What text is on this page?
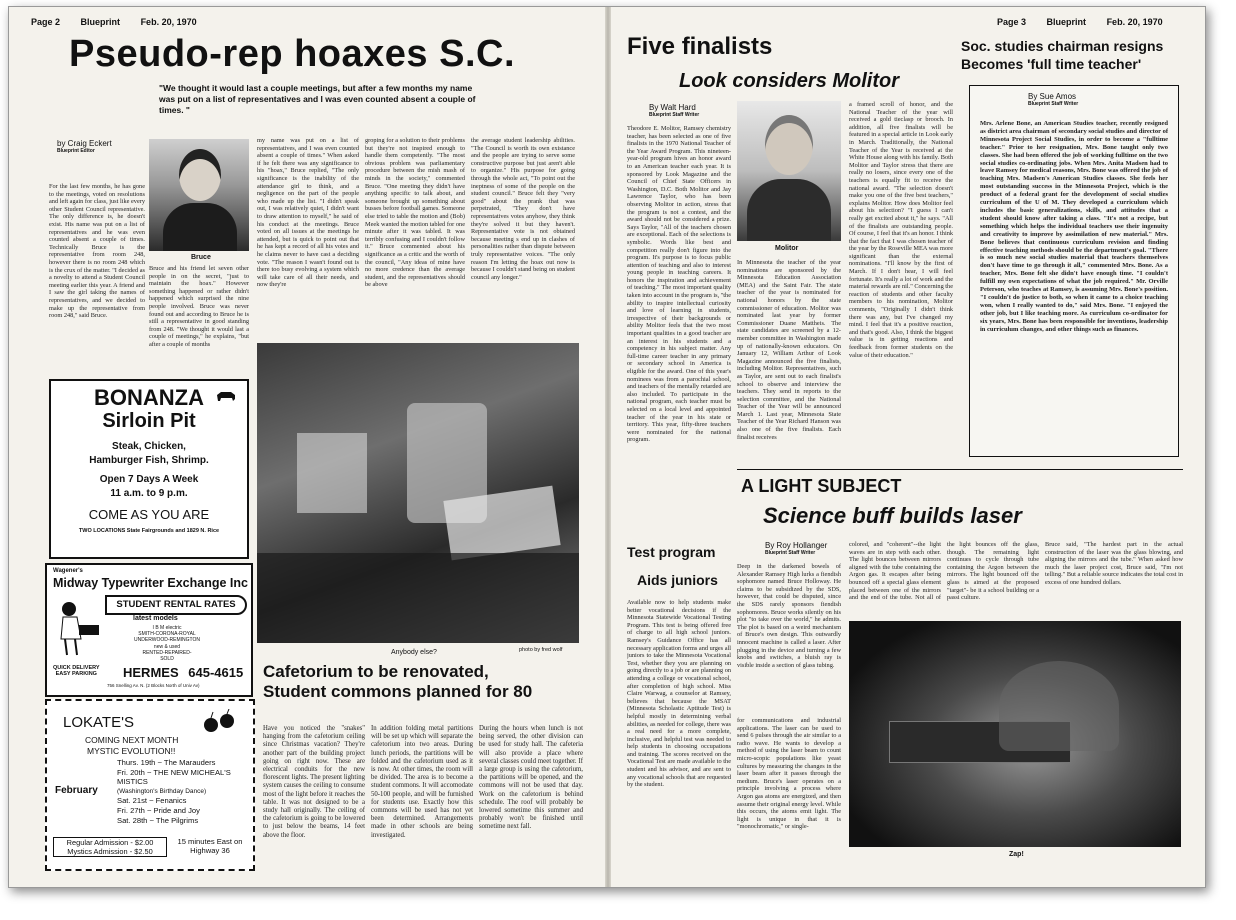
Page 2 Blueprint Feb. 20, 1970
Pseudo-rep hoaxes S.C.
"We thought it would last a couple meetings, but after a few months my name was put on a list of representatives and I was even counted absent a couple of times. "
by Craig Eckert
Blueprint Editor
Bruce
For the last few months, he has gone to the meetings, voted on resolutions and left again for class, just like every other Student Council representative. The only difference is, he doesn't exist. His name was put on a list of representatives and he was even counted absent a couple of times. Technically Bruce is the representative from room 248, however there is no room 248 which is the crux of the matter. "I decided as a novelty to attend a Student Council meeting earlier this year. A friend and I saw the girl taking the names of representatives, and we decided to make up the representative from room 248," said Bruce.
Bruce and his friend let seven other people in on the secret, "just to maintain the hoax." However something happened or rather didn't happened which surprised the nine people involved. Bruce was never found out and according to Bruce he is still a representative in good standing from 248. "We thought it would last a couple of meetings," he explains, "but after a couple of months
my name was put on a list of representatives, and I was even counted absent a couple of times." When asked if he felt there was any significance to his "hoax," Bruce replied, "The only significance is the inability of the attendance girl to think, and a negligence on the part of the people who made up the list. "I didn't speak out, I was relatively quiet, I didn't want to draw attention to myself," he said of his conduct at the meetings. Bruce voted on all issues at the meetings he attended, but is quick to point out that he has kept a record of all his votes and he claims never to have cast a deciding vote. "The reason I wasn't found out is there too busy evolving a system which will take care of all their needs, and now they're
groping for a solution to their problems but they're not inspired enough to handle them competently. "The most obvious problem was parliamentary procedure between the mish mash of minds in the society," commented Bruce. "One meeting they didn't have anything specific to talk about, and someone brought up something about busses before football games. Someone else tried to table the motion and (Bob) Meek wanted the motion tabled for one minute after it was tabled. It was terribly confusing and I couldn't follow it." Bruce commented about his significance as a critic and the worth of the council, "Any ideas of mine have no more credence than the average student, and the representatives should be above
the average student leadership abilities. "The Council is worth its own existance and the people are trying to serve some constructive purpose but just aren't able to organize." His purpose for going through the whole act, "To point out the ineptness of some of the people on the student council." Bruce felt they "very good" about the prank that was perpetrated, "They don't have representatives votes anyhow, they think they're solved it but they haven't. Representative vote is not obtained because meeting s end up in clashes of personalities rather than dispute between truly representative voices. "The only reason I'm letting the hoax out now is because I couldn't stand being on student council any longer."
Anybody else?	photo by fred wolf
BONANZA
Sirloin Pit
Steak, Chicken,
Hamburger Fish, Shrimp.
Open 7 Days A Week
11 a.m. to 9 p.m.
COME AS YOU ARE
TWO LOCATIONS State Fairgrounds and 1829 N. Rice
Wagener's
Midway Typewriter Exchange Inc
STUDENT RENTAL RATES
latest models
I B M electric
SMITH-CORONA-ROYAL
UNDERWOOD-REMINGTON
new & used
RENTED-REPAIRED-
SOLD
QUICK DELIVERY
EASY PARKING HERMES 645-4615
756 Snelling Av. N. (2 Blocks North of Univ Av)
LOKATE'S
COMING NEXT MONTH
MYSTIC EVOLUTION!!
February
Thurs. 19th ~ The Marauders
Fri. 20th ~ THE NEW MICHEAL'S MISTICS
(Washington's Birthday Dance)
Sat. 21st ~ Fenanics
Fri. 27th ~ Pride and Joy
Sat. 28th ~ The Pilgrims
Regular Admission - $2.00
Mystics Admission - $2.50
15 minutes East on Highway 36
Cafetorium to be renovated,
Student commons planned for 80
Have you noticed the "snakes" hanging from the cafetorium ceiling since Christmas vacation? They're another part of the building project going on right now. These are electrical conduits for the new florescent lights. The present lighting system causes the ceiling to consume most of the light before it reaches the table. It was not designed to be a study hall originally. The ceiling of the cafetorium is going to be lowered to just below the beams, 14 feet above the floor.
In addition folding metal partitions will be set up which will separate the cafetorium into two areas. During lunch periods, the partitions will be folded and the cafetorium used as it is now. At other times, the room will be divided. The area is to become a student commons. It will accomodate 50-100 people, and will be furnished for students use. Exactly how this commons will be used has not yet been determined. Arrangements made in other schools are being investigated.
During the hours when lunch is not being served, the other division can be used for study hall. The cafeteria will also provide a place where several classes could meet together. If a large group is using the cafetorium, the partitions will be opened, and the commons will not be used that day. Work on the cafetorium is behind schedule. The roof will probably be lowered sometime this summer and probably won't be finished until sometime next fall.
Page 3 Blueprint Feb. 20, 1970
Five finalists
Look considers Molitor
By Walt Hard
Blueprint Staff Writer
Theodore E. Molitor, Ramsey chemistry teacher, has been selected as one of five finalists in the 1970 National Teacher of the Year Award Program. This nineteen-year-old program hives an honor award to an American teacher each year. It is sponsored by Look Magazine and the Council of Chief State Officers in Washington, D.C. Both Molitor and Jay Lawrence Taylor, who has been observing Molitor in action, stress that the program is not a contest, and the award should not be considered a prize. Says Taylor, "All of the teachers chosen are exceptional. Each of the selections is symbolic. Words like best and competition really don't figure into the program. It's purpose is to focus public attention of teaching and also to interest young people in teaching careers. It honors the inspiration and achievement of teaching." The most important quality taken into account in the program is, "the ability to inspire intellectual curiosity and love of learning in students, irrespective of their backgrounds or ability Molitor feels that the two most important qualities in a good teacher are an interest in his students and a competency in his subject matter. Any full-time career teacher in any primary or secondary school in America is eligible for the award. One of this year's nominees was from a parochial school, and teachers of the mentally retarded are also included. To participate in the national program, each teacher must be selected on a local level and appointed teacher of the year in his state or territory. This year, fifty-three teachers were nominated for the national program.
Molitor
In Minnesota the teacher of the year nominations are sponsored by the Minnesota Education Association (MEA) and the Saint Fair. The state teacher of the year is nominated for national honors by the state commissioner of education. Molitor was nominated last year by former Commissioner Duane Mattheis. The state candidates are screened by a 12-member committee in Washington made up of nationally-known educators. On January 12, William Arthur of Look Magazine announced the five finalists, including Molitor. Representatives, such as Taylor, are sent out to each finalist's school to observe and interview the teachers. They send in reports to the selection committee, and the National Teacher of the Year will be announced March 1. Last year, Minnesota State Teacher of the Year Richard Hanson was also one of the five finalists. Each finalist receives
a framed scroll of honor, and the National Teacher of the year will received a gold tieclasp or brooch. In addition, all five finalists will be featured in a special article in Look early in March. Traditionally, the National Teacher of the Year is received at the White House along with his family. Both Molitor and Taylor stress that there are really no losers, since every one of the teachers is equally fit to receive the national award. "The selection doesn't make you one of the five best teachers," explains Molitor. How does Molitor feel about his selection? "I guess I can't really get excited about it," he says. "All of the finalists are outstanding people. Of course, I feel that it's an honor. I think that the fact that I was chosen teacher of the year by the Roseville MEA was more significant than the external nominations. "I'll know by the first of March. If I don't hear, I will feel fortunate. It's really a lot of work and the material rewards are nil." Concerning the reaction of students and other faculty members to his nomination, Molitor comments, "Originally I didn't think there was any, but I've changed my mind. I feel that it's a positive reaction, and that's good. Also, I think the biggest value is in getting reactions and feedback from former students on the value of their education."
Soc. studies chairman resigns
Becomes 'full time teacher'
By Sue Amos
Blueprint Staff Writer
Mrs. Arlene Bone, an American Studies teacher, recently resigned as district area chairman of secondary social studies and director of Minnesota Project Social Studies, in order to become a "fulltime teacher." Prior to her resignation, Mrs. Bone taught only two classes. She had been offered the job of working fulltime on the two social studies co-ordinating jobs. When Mrs. Anita Madsen had to leave Ramsey for medical reasons, Mrs. Bone was offered the job of teaching Mrs. Madsen's American Studies classes. She feels her most outstanding success in the Minnesota Project, which is the product of a federal grant for the development of social studies curriculum of the U of M. They developed a curriculum which includes the basic generalizations, skills, and attitudes that a student should know after taking a class. "It's not a recipe, but something which helps the individual teachers use their ingenuity and creativity to improve by assimilation of new material." Mrs. Bone believes that continuous curriculum revision and finding effective teaching methods should be the department's goal. "There is so much new social studies material that teachers themselves don't have time to go through it all," commented Mrs. Bone. As a teacher, Mrs. Bone felt she didn't have enough time. "I couldn't fulfill my own expectations of what the job required." Mr. Orville Peterson, who teaches at Ramsey, is assuming Mrs. Bone's position. "I couldn't do justice to both, so when it came to a choice teaching won, when I really wanted to do," said Mrs. Bone. "I enjoyed the other job, but I like teaching more. As curriculum co-ordinator for six years, Mrs. Bone has been responsible for inventions, leadership in curriculum changes, and other things such as finances.
A LIGHT SUBJECT
Science buff builds laser
Test program
Aids juniors
Available now to help students make better vocational decisions if the Minnesota Statewide Vocational Testing Program. This test is being offered free of charge to all high school juniors. Ramsey's Guidance Office has all necessary application forms and urges all juniors to take the Minnesota Vocational Test, whether they you are planning on going directly to a job or are planning on attending a college or vocational school, after completion of high school. Miss Claire Warwag, a counselor at Ramsey, believes that because the MSAT (Minnesota Scholastic Aptitude Test) is helpful mostly in determining verbal abilities, as needed for college, there was a real need for a more complete, inclusive, and helpful test was needed to help students in choosing occupations and training. The scores received on the Vocational Test are made available to the student and his advisor, and are sent to any vocational schools that are requested by the student.
By Roy Hollanger
Blueprint Staff Writer
Deep in the darkened bowels of Alexander Ramsey High lurks a fiendish sophomore named Bruce Holloway. He claims to be subsidized by the SDS, however, that could be disputed, since the SDS rarely sponsors fiendish sophomores. Bruce works silently on his plot "to take over the world," he admits. The plot is based on a weird mechanism of Bruce's own design. This outwardly innocent machine is called a laser. After plugging in the device and turning a few knobs and switches, a bluish ray is visible inside a section of glass tubing.
for communications and industrial applications. The laser can be used to send 6 pulses through the air similar to a radio wave. He wants to develop a method of using the laser beam to count micro-scopic populations like yeast cultures by measuring the changes in the laser beam after it passes through the medium. Bruce's laser operates on a principle involving a process where Argon gas atoms are energized, and then assume their original energy level. While this occurs, the atoms emit light. The light is unique in that it is "monochromatic," or single-
colored, and "coherent"--the light waves are in step with each other. The light bounces between mirrors aligned with the tube containing the Argon gas. It escapes after being bounced off a special glass element placed between one of the mirrors and the end of the tube. Not all of the light bounces off the glass, though. The remaining light continues to cycle through tube containing the Argon between the mirrors. The light bounced off the glass is aimed at the proposed "target"- be it a school building or a passi culture.
Bruce said, "The hardest part in the actual construction of the laser was the glass blowing, and aligning the mirrors and the tube." When asked how much the laser project cost, Bruce said, "I'm not telling." But a reliable source indicates the total cost in excess of one hundred dollars.
Zap!
